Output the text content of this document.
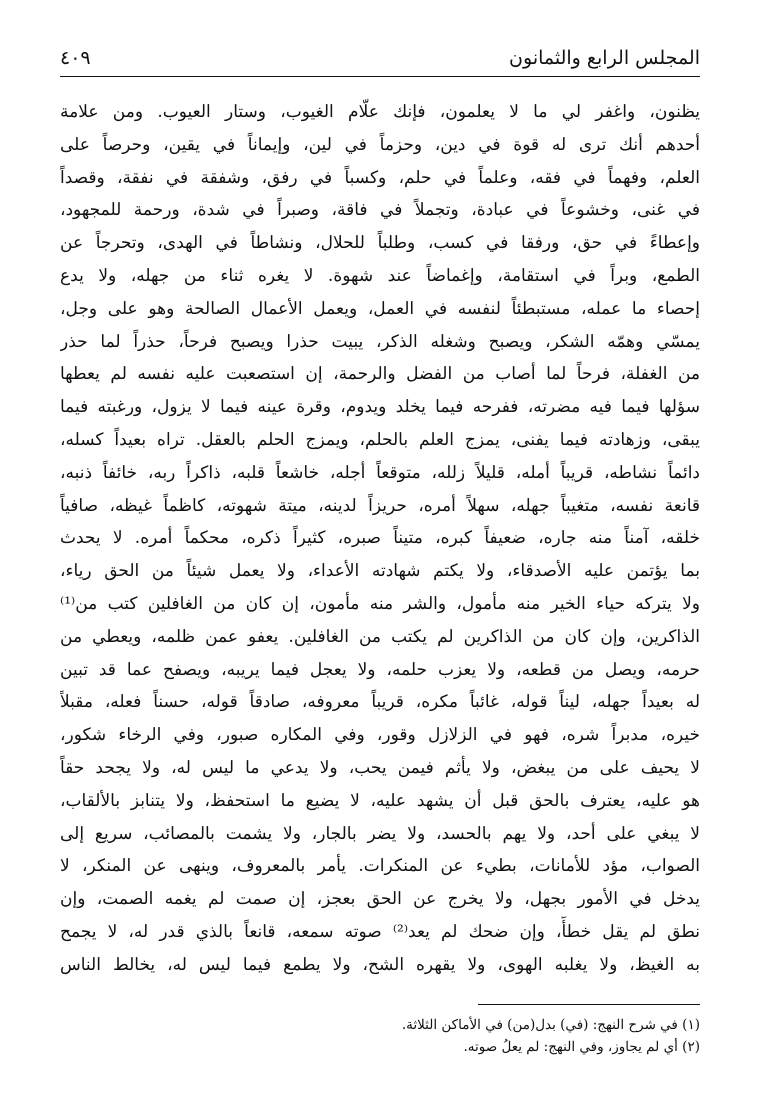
المجلس الرابع والثمانون
٤٠٩
يظنون، واغفر لي ما لا يعلمون، فإنك علّام الغيوب، وستار العيوب. ومن علامة
أحدهم أنك ترى له قوة في دين، وحزماً في لين، وإيماناً في يقين، وحرصاً على
العلم، وفهماً في فقه، وعلماً في حلم، وكسباً في رفق، وشفقة في نفقة، وقصداً
في غنى، وخشوعاً في عبادة، وتجملاً في فاقة، وصبراً في شدة، ورحمة للمجهود،
وإعطاءً في حق، ورفقا في كسب، وطلباً للحلال، ونشاطاً في الهدى، وتحرجاً عن
الطمع، وبراً في استقامة، وإغماضاً عند شهوة. لا يغره ثناء من جهله، ولا يدع
إحصاء ما عمله، مستبطئاً لنفسه في العمل، ويعمل الأعمال الصالحة وهو على وجل،
يمسّي وهمّه الشكر، ويصبح وشغله الذكر، يبيت حذرا ويصبح فرحاً، حذراً لما حذر
من الغفلة، فرحاً لما أصاب من الفضل والرحمة، إن استصعبت عليه نفسه لم يعطها
سؤلها فيما فيه مضرته، ففرحه فيما يخلد ويدوم، وقرة عينه فيما لا يزول، ورغبته فيما
يبقى، وزهادته فيما يفنى، يمزج العلم بالحلم، ويمزج الحلم بالعقل. تراه بعيداً كسله،
دائماً نشاطه، قريباً أمله، قليلاً زلله، متوقعاً أجله، خاشعاً قلبه، ذاكراً ربه، خائفاً ذنبه،
قانعة نفسه، متغيباً جهله، سهلاً أمره، حريزاً لدينه، ميتة شهوته، كاظماً غيظه، صافياً
خلقه، آمناً منه جاره، ضعيفاً كبره، متيناً صبره، كثيراً ذكره، محكماً أمره. لا يحدث
بما يؤتمن عليه الأصدقاء، ولا يكتم شهادته الأعداء، ولا يعمل شيئاً من الحق رياء،
ولا يتركه حياء الخير منه مأمول، والشر منه مأمون، إن كان من الغافلين كتب من⁽¹⁾
الذاكرين، وإن كان من الذاكرين لم يكتب من الغافلين. يعفو عمن ظلمه، ويعطي من
حرمه، ويصل من قطعه، ولا يعزب حلمه، ولا يعجل فيما يريبه، ويصفح عما قد تبين
له بعيداً جهله، ليناً قوله، غائباً مكره، قريباً معروفه، صادقاً قوله، حسناً فعله، مقبلاً
خيره، مدبراً شره، فهو في الزلازل وقور، وفي المكاره صبور، وفي الرخاء شكور،
لا يحيف على من يبغض، ولا يأثم فيمن يحب، ولا يدعي ما ليس له، ولا يجحد حقاً
هو عليه، يعترف بالحق قبل أن يشهد عليه، لا يضيع ما استحفظ، ولا يتنابز بالألقاب،
لا يبغي على أحد، ولا يهم بالحسد، ولا يضر بالجار، ولا يشمت بالمصائب، سريع إلى
الصواب، مؤد للأمانات، بطيء عن المنكرات. يأمر بالمعروف، وينهى عن المنكر، لا
يدخل في الأمور بجهل، ولا يخرج عن الحق بعجز، إن صمت لم يغمه الصمت، وإن
نطق لم يقل خطأً، وإن ضحك لم يعد⁽²⁾ صوته سمعه، قانعاً بالذي قدر له، لا يجمح
به الغيظ، ولا يغلبه الهوى، ولا يقهره الشح، ولا يطمع فيما ليس له، يخالط الناس
(١) في شرح النهج: (في) بدل(من) في الأماكن الثلاثة.
(٢) أي لم يجاوز، وفي النهج: لم يعلُ صوته.
